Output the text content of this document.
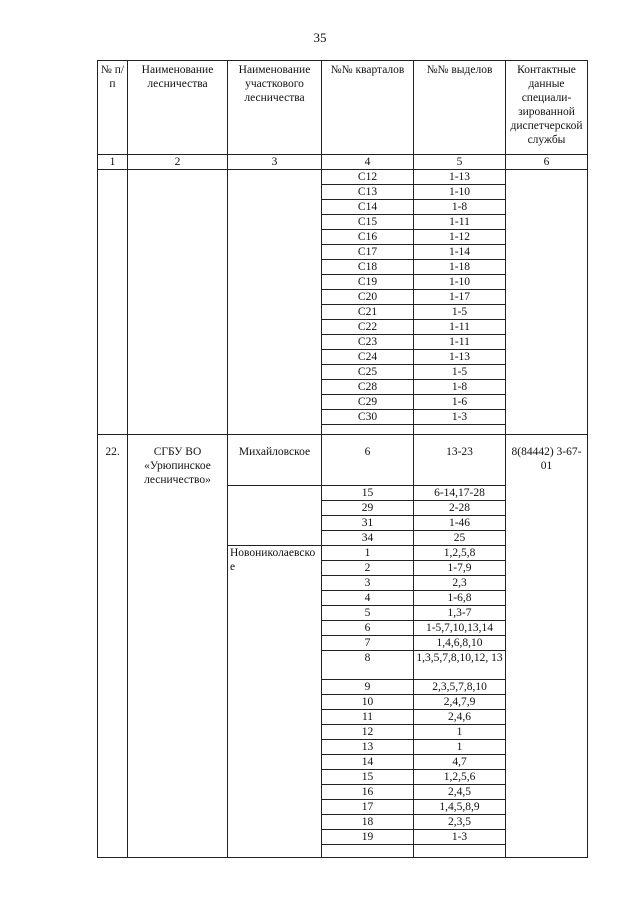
35
№ п/п	Наименование лесничества	Наименование участкового лесничества	№№ кварталов	№№ выделов	Контактные данные специали-зированной диспетчерской службы
1	2	3	4	5	6
			С12	1-13	
			С13	1-10	
			С14	1-8	
			С15	1-11	
			С16	1-12	
			С17	1-14	
			С18	1-18	
			С19	1-10	
			С20	1-17	
			С21	1-5	
			С22	1-11	
			С23	1-11	
			С24	1-13	
			С25	1-5	
			С28	1-8	
			С29	1-6	
			С30	1-3	

22.	СГБУ ВО «Урюпинское лесничество»	Михайловское	6	13-23	8(84442) 3-67-01
			15	6-14,17-28	
			29	2-28	
			31	1-46	
			34	25	
		Новониколаевское	1	1,2,5,8	
			2	1-7,9	
			3	2,3	
			4	1-6,8	
			5	1,3-7	
			6	1-5,7,10,13,14	
			7	1,4,6,8,10	
			8	1,3,5,7,8,10,12, 13	
			9	2,3,5,7,8,10	
			10	2,4,7,9	
			11	2,4,6	
			12	1	
			13	1	
			14	4,7	
			15	1,2,5,6	
			16	2,4,5	
			17	1,4,5,8,9	
			18	2,3,5	
			19	1-3	
